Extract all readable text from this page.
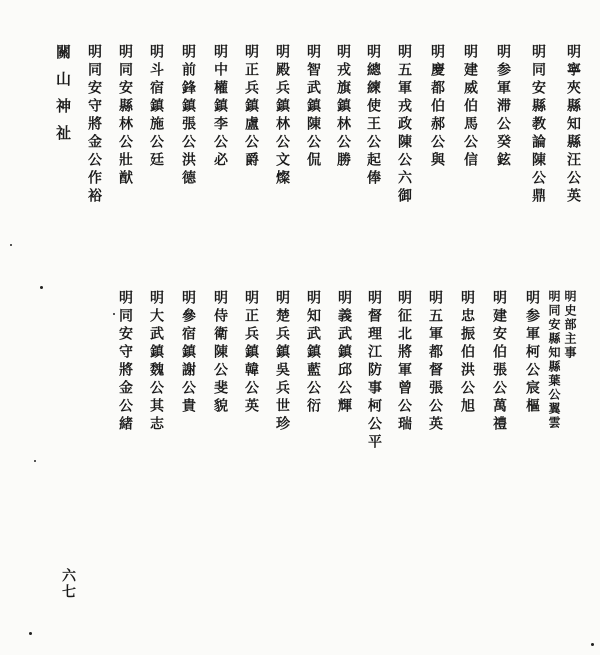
關山神祉	明寧夾縣知縣汪公英
明同安縣教論陳公鼎
明参軍滞公癸鉉
明建威伯馬公信
明慶都伯郝公與
明五軍戎政陳公六御
明總練使王公起俸
明戎旗鎮林公勝
明智武鎮陳公侃
明殿兵鎮林公文燦
明正兵鎮盧公爵
明中權鎮李公必
明前鋒鎮張公洪德
明斗宿鎮施公廷
明同安縣林公壯猷
明同安守將金公作裕
明史部主事
明同安縣知縣葉公翼雲
明参軍柯公宸樞
明建安伯張公萬禮
明忠振伯洪公旭
明五軍都督張公英
明征北將軍曾公瑞
明督理江防事柯公平
明義武鎮邱公輝
明知武鎮藍公衍
明楚兵鎮吳兵世珍
明正兵鎮韓公英
明侍衛陳公斐貌
明參宿鎮謝公貴
明大武鎮魏公其志
明同安守將金公緒
六七
